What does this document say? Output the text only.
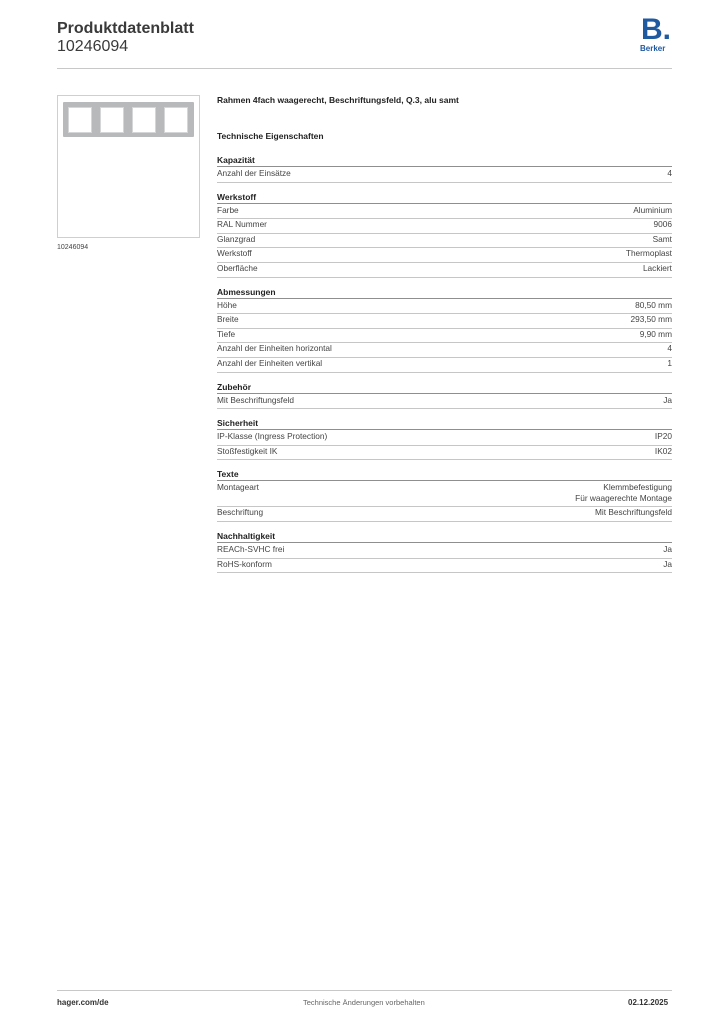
Produktdatenblatt
10246094
B.
Berker
10246094
Rahmen 4fach waagerecht, Beschriftungsfeld, Q.3, alu samt
Technische Eigenschaften
Kapazität
Anzahl der Einsätze	4
Werkstoff
Farbe	Aluminium
RAL Nummer	9006
Glanzgrad	Samt
Werkstoff	Thermoplast
Oberfläche	Lackiert
Abmessungen
Höhe	80,50 mm
Breite	293,50 mm
Tiefe	9,90 mm
Anzahl der Einheiten horizontal	4
Anzahl der Einheiten vertikal	1
Zubehör
Mit Beschriftungsfeld	Ja
Sicherheit
IP-Klasse (Ingress Protection)	IP20
Stoßfestigkeit IK	IK02
Texte
Montageart	Klemmbefestigung
Für waagerechte Montage
Beschriftung	Mit Beschriftungsfeld
Nachhaltigkeit
REACh-SVHC frei	Ja
RoHS-konform	Ja
hager.com/de	Technische Änderungen vorbehalten	02.12.2025
